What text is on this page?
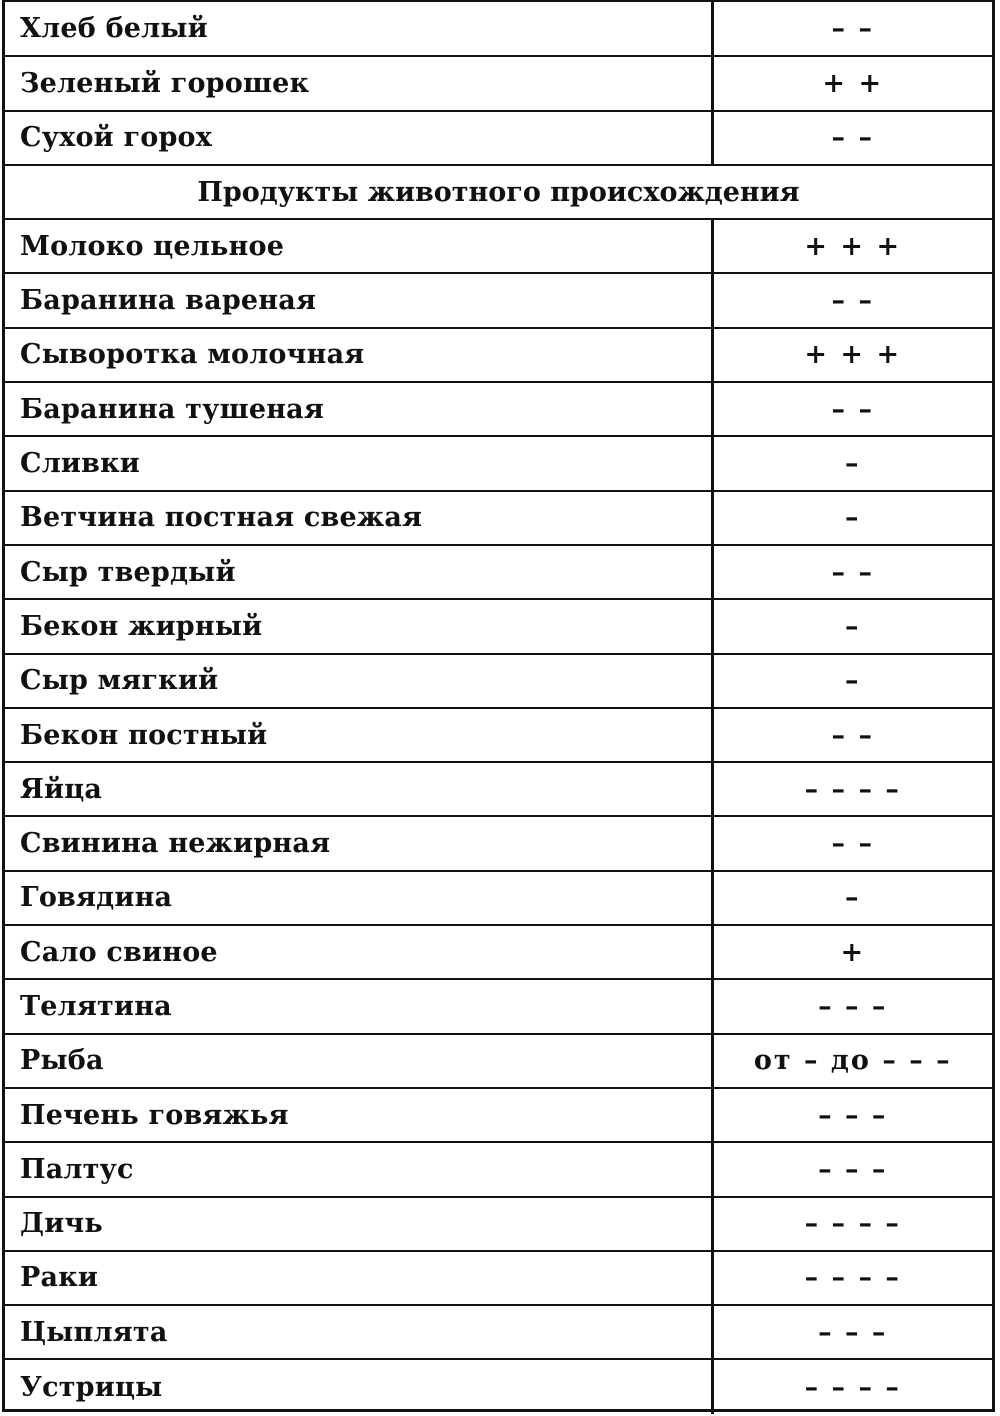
Хлеб белый	– –
Зеленый горошек	+ +
Сухой горох	– –
Продукты животного происхождения	
Молоко цельное	+ + +
Баранина вареная	– –
Сыворотка молочная	+ + +
Баранина тушеная	– –
Сливки	–
Ветчина постная свежая	–
Сыр твердый	– –
Бекон жирный	–
Сыр мягкий	–
Бекон постный	– –
Яйца	– – – –
Свинина нежирная	– –
Говядина	–
Сало свиное	+
Телятина	– – –
Рыба	от – до – – –
Печень говяжья	– – –
Палтус	– – –
Дичь	– – – –
Раки	– – – –
Цыплята	– – –
Устрицы	– – – –
